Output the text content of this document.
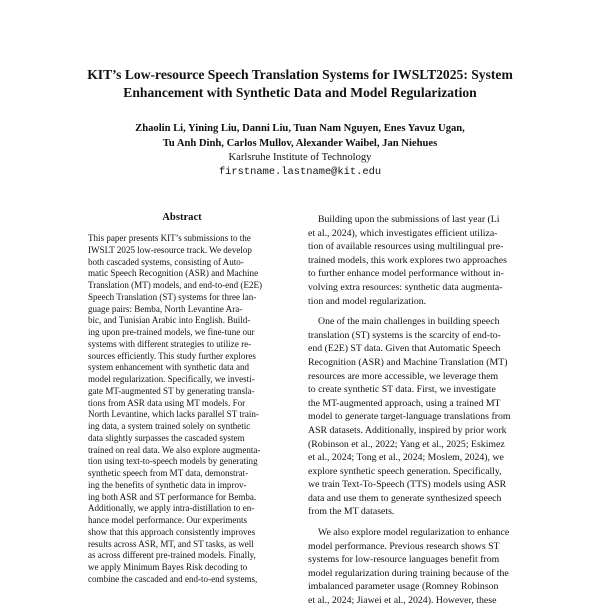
KIT’s Low-resource Speech Translation Systems for IWSLT2025: System
Enhancement with Synthetic Data and Model Regularization
Zhaolin Li, Yining Liu, Danni Liu, Tuan Nam Nguyen, Enes Yavuz Ugan,
Tu Anh Dinh, Carlos Mullov, Alexander Waibel, Jan Niehues
Karlsruhe Institute of Technology
firstname.lastname@kit.edu
Abstract
This paper presents KIT’s submissions to the
IWSLT 2025 low-resource track. We develop
both cascaded systems, consisting of Auto-
matic Speech Recognition (ASR) and Machine
Translation (MT) models, and end-to-end (E2E)
Speech Translation (ST) systems for three lan-
guage pairs: Bemba, North Levantine Ara-
bic, and Tunisian Arabic into English. Build-
ing upon pre-trained models, we fine-tune our
systems with different strategies to utilize re-
sources efficiently. This study further explores
system enhancement with synthetic data and
model regularization. Specifically, we investi-
gate MT-augmented ST by generating transla-
tions from ASR data using MT models. For
North Levantine, which lacks parallel ST train-
ing data, a system trained solely on synthetic
data slightly surpasses the cascaded system
trained on real data. We also explore augmenta-
tion using text-to-speech models by generating
synthetic speech from MT data, demonstrat-
ing the benefits of synthetic data in improv-
ing both ASR and ST performance for Bemba.
Additionally, we apply intra-distillation to en-
hance model performance. Our experiments
show that this approach consistently improves
results across ASR, MT, and ST tasks, as well
as across different pre-trained models. Finally,
we apply Minimum Bayes Risk decoding to
combine the cascaded and end-to-end systems,
Building upon the submissions of last year (Li
et al., 2024), which investigates efficient utiliza-
tion of available resources using multilingual pre-
trained models, this work explores two approaches
to further enhance model performance without in-
volving extra resources: synthetic data augmenta-
tion and model regularization.
One of the main challenges in building speech
translation (ST) systems is the scarcity of end-to-
end (E2E) ST data. Given that Automatic Speech
Recognition (ASR) and Machine Translation (MT)
resources are more accessible, we leverage them
to create synthetic ST data. First, we investigate
the MT-augmented approach, using a trained MT
model to generate target-language translations from
ASR datasets. Additionally, inspired by prior work
(Robinson et al., 2022; Yang et al., 2025; Eskimez
et al., 2024; Tong et al., 2024; Moslem, 2024), we
explore synthetic speech generation. Specifically,
we train Text-To-Speech (TTS) models using ASR
data and use them to generate synthesized speech
from the MT datasets.
We also explore model regularization to enhance
model performance. Previous research shows ST
systems for low-resource languages benefit from
model regularization during training because of the
imbalanced parameter usage (Romney Robinson
et al., 2024; Jiawei et al., 2024). However, these
